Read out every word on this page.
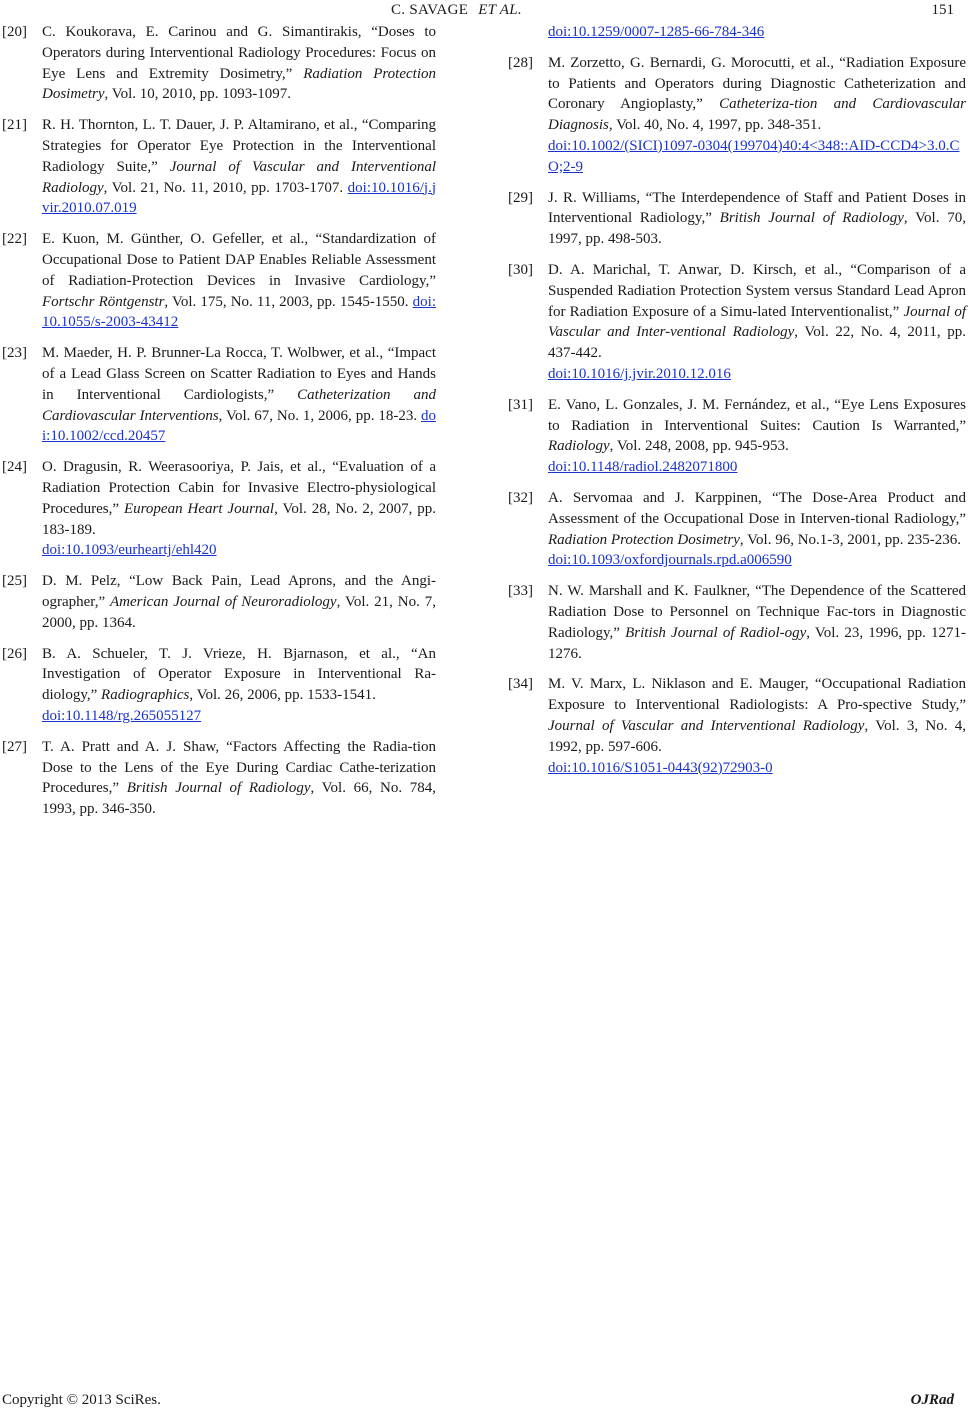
C. SAVAGE ET AL.	151
[20] C. Koukorava, E. Carinou and G. Simantirakis, “Doses to Operators during Interventional Radiology Procedures: Focus on Eye Lens and Extremity Dosimetry,” Radiation Protection Dosimetry, Vol. 10, 2010, pp. 1093-1097.
[21] R. H. Thornton, L. T. Dauer, J. P. Altamirano, et al., “Comparing Strategies for Operator Eye Protection in the Interventional Radiology Suite,” Journal of Vascular and Interventional Radiology, Vol. 21, No. 11, 2010, pp. 1703-1707. doi:10.1016/j.jvir.2010.07.019
[22] E. Kuon, M. Günther, O. Gefeller, et al., “Standardization of Occupational Dose to Patient DAP Enables Reliable Assessment of Radiation-Protection Devices in Invasive Cardiology,” Fortschr Röntgenstr, Vol. 175, No. 11, 2003, pp. 1545-1550. doi:10.1055/s-2003-43412
[23] M. Maeder, H. P. Brunner-La Rocca, T. Wolbwer, et al., “Impact of a Lead Glass Screen on Scatter Radiation to Eyes and Hands in Interventional Cardiologists,” Catheterization and Cardiovascular Interventions, Vol. 67, No. 1, 2006, pp. 18-23. doi:10.1002/ccd.20457
[24] O. Dragusin, R. Weerasooriya, P. Jais, et al., “Evaluation of a Radiation Protection Cabin for Invasive Electro-physiological Procedures,” European Heart Journal, Vol. 28, No. 2, 2007, pp. 183-189.
doi:10.1093/eurheartj/ehl420
[25] D. M. Pelz, “Low Back Pain, Lead Aprons, and the Angi-ographer,” American Journal of Neuroradiology, Vol. 21, No. 7, 2000, pp. 1364.
[26] B. A. Schueler, T. J. Vrieze, H. Bjarnason, et al., “An Investigation of Operator Exposure in Interventional Ra-diology,” Radiographics, Vol. 26, 2006, pp. 1533-1541.
doi:10.1148/rg.265055127
[27] T. A. Pratt and A. J. Shaw, “Factors Affecting the Radia-tion Dose to the Lens of the Eye During Cardiac Cathe-terization Procedures,” British Journal of Radiology, Vol. 66, No. 784, 1993, pp. 346-350.
doi:10.1259/0007-1285-66-784-346
[28] M. Zorzetto, G. Bernardi, G. Morocutti, et al., “Radiation Exposure to Patients and Operators during Diagnostic Catheterization and Coronary Angioplasty,” Catheteriza-tion and Cardiovascular Diagnosis, Vol. 40, No. 4, 1997, pp. 348-351.
doi:10.1002/(SICI)1097-0304(199704)40:4<348::AID-CCD4>3.0.CO;2-9
[29] J. R. Williams, “The Interdependence of Staff and Patient Doses in Interventional Radiology,” British Journal of Radiology, Vol. 70, 1997, pp. 498-503.
[30] D. A. Marichal, T. Anwar, D. Kirsch, et al., “Comparison of a Suspended Radiation Protection System versus Standard Lead Apron for Radiation Exposure of a Simu-lated Interventionalist,” Journal of Vascular and Inter-ventional Radiology, Vol. 22, No. 4, 2011, pp. 437-442.
doi:10.1016/j.jvir.2010.12.016
[31] E. Vano, L. Gonzales, J. M. Fernández, et al., “Eye Lens Exposures to Radiation in Interventional Suites: Caution Is Warranted,” Radiology, Vol. 248, 2008, pp. 945-953.
doi:10.1148/radiol.2482071800
[32] A. Servomaa and J. Karppinen, “The Dose-Area Product and Assessment of the Occupational Dose in Interven-tional Radiology,” Radiation Protection Dosimetry, Vol. 96, No.1-3, 2001, pp. 235-236.
doi:10.1093/oxfordjournals.rpd.a006590
[33] N. W. Marshall and K. Faulkner, “The Dependence of the Scattered Radiation Dose to Personnel on Technique Fac-tors in Diagnostic Radiology,” British Journal of Radiol-ogy, Vol. 23, 1996, pp. 1271-1276.
[34] M. V. Marx, L. Niklason and E. Mauger, “Occupational Radiation Exposure to Interventional Radiologists: A Pro-spective Study,” Journal of Vascular and Interventional Radiology, Vol. 3, No. 4, 1992, pp. 597-606.
doi:10.1016/S1051-0443(92)72903-0
Copyright © 2013 SciRes.	OJRad
